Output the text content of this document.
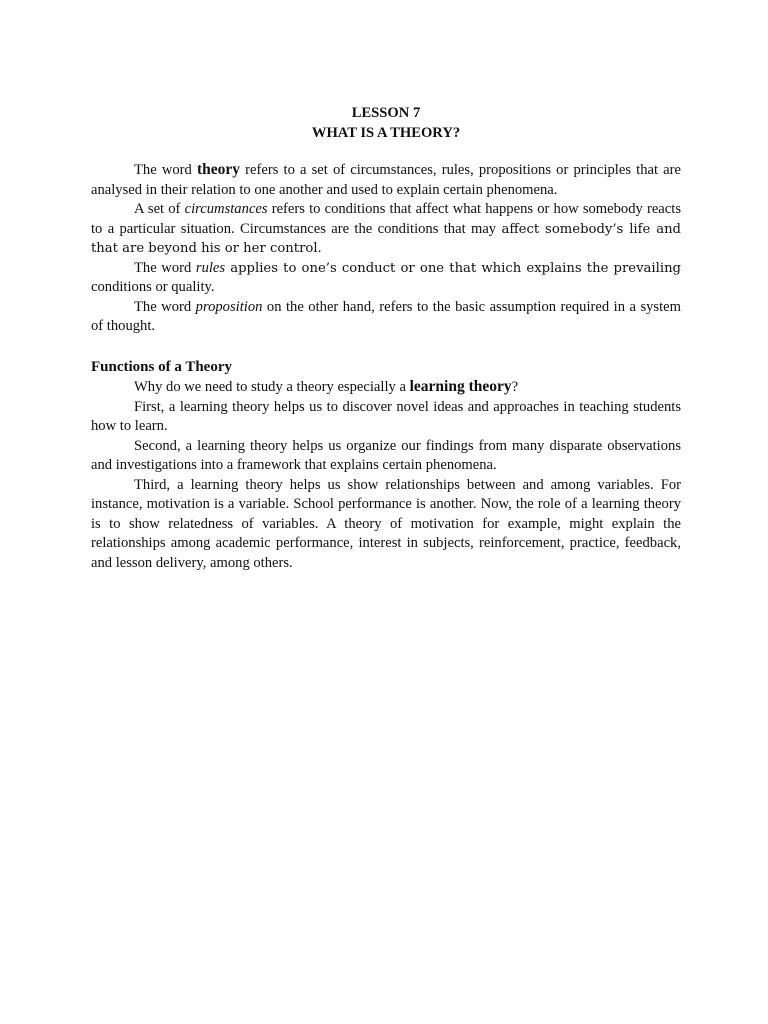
LESSON 7
WHAT IS A THEORY?

The word theory refers to a set of circumstances, rules, propositions or principles that are analysed in their relation to one another and used to explain certain phenomena.

A set of circumstances refers to conditions that affect what happens or how somebody reacts to a particular situation. Circumstances are the conditions that may affect somebody’s life and that are beyond his or her control.

The word rules applies to one’s conduct or one that which explains the prevailing conditions or quality.

The word proposition on the other hand, refers to the basic assumption required in a system of thought.

Functions of a Theory

Why do we need to study a theory especially a learning theory?

First, a learning theory helps us to discover novel ideas and approaches in teaching students how to learn.

Second, a learning theory helps us organize our findings from many disparate observations and investigations into a framework that explains certain phenomena.

Third, a learning theory helps us show relationships between and among variables. For instance, motivation is a variable. School performance is another. Now, the role of a learning theory is to show relatedness of variables. A theory of motivation for example, might explain the relationships among academic performance, interest in subjects, reinforcement, practice, feedback, and lesson delivery, among others.
